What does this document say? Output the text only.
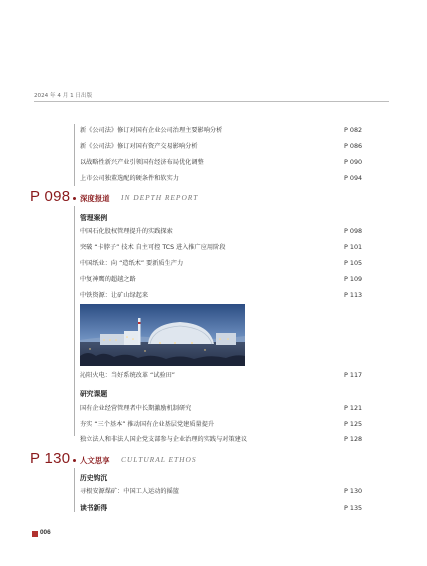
2024 年 4 月 1 日出版
新《公司法》修订对国有企业公司治理主要影响分析	P 082
新《公司法》修订对国有资产交易影响分析	P 086
以战略性新兴产业引领国有经济布局优化调整	P 090
上市公司独董选配的硬条件和软实力	P 094
P 098 深度报道 IN DEPTH REPORT
管理案例
中国石化股权管理提升的实践探索	P 098
突破 “卡脖子” 技术 自主可控 TCS 进入推广应用阶段	P 101
中国纸业：向 “造纸术” 要新质生产力	P 105
中复神鹰的超越之路	P 109
中铁资源：让矿山绿起来	P 113
沁阳火电：当好系统改革 “试验田”	P 117
研究课题
国有企业经营管理者中长期激励机制研究	P 121
夯实 “三个基本” 推动国有企业基层党建质量提升	P 125
独立法人和非法人国企党支部参与企业治理的实践与对策建议	P 128
P 130 人文思享 CULTURAL ETHOS
历史钩沉
寻根安源煤矿：中国工人运动的摇篮	P 130
读书新得	P 135
006
